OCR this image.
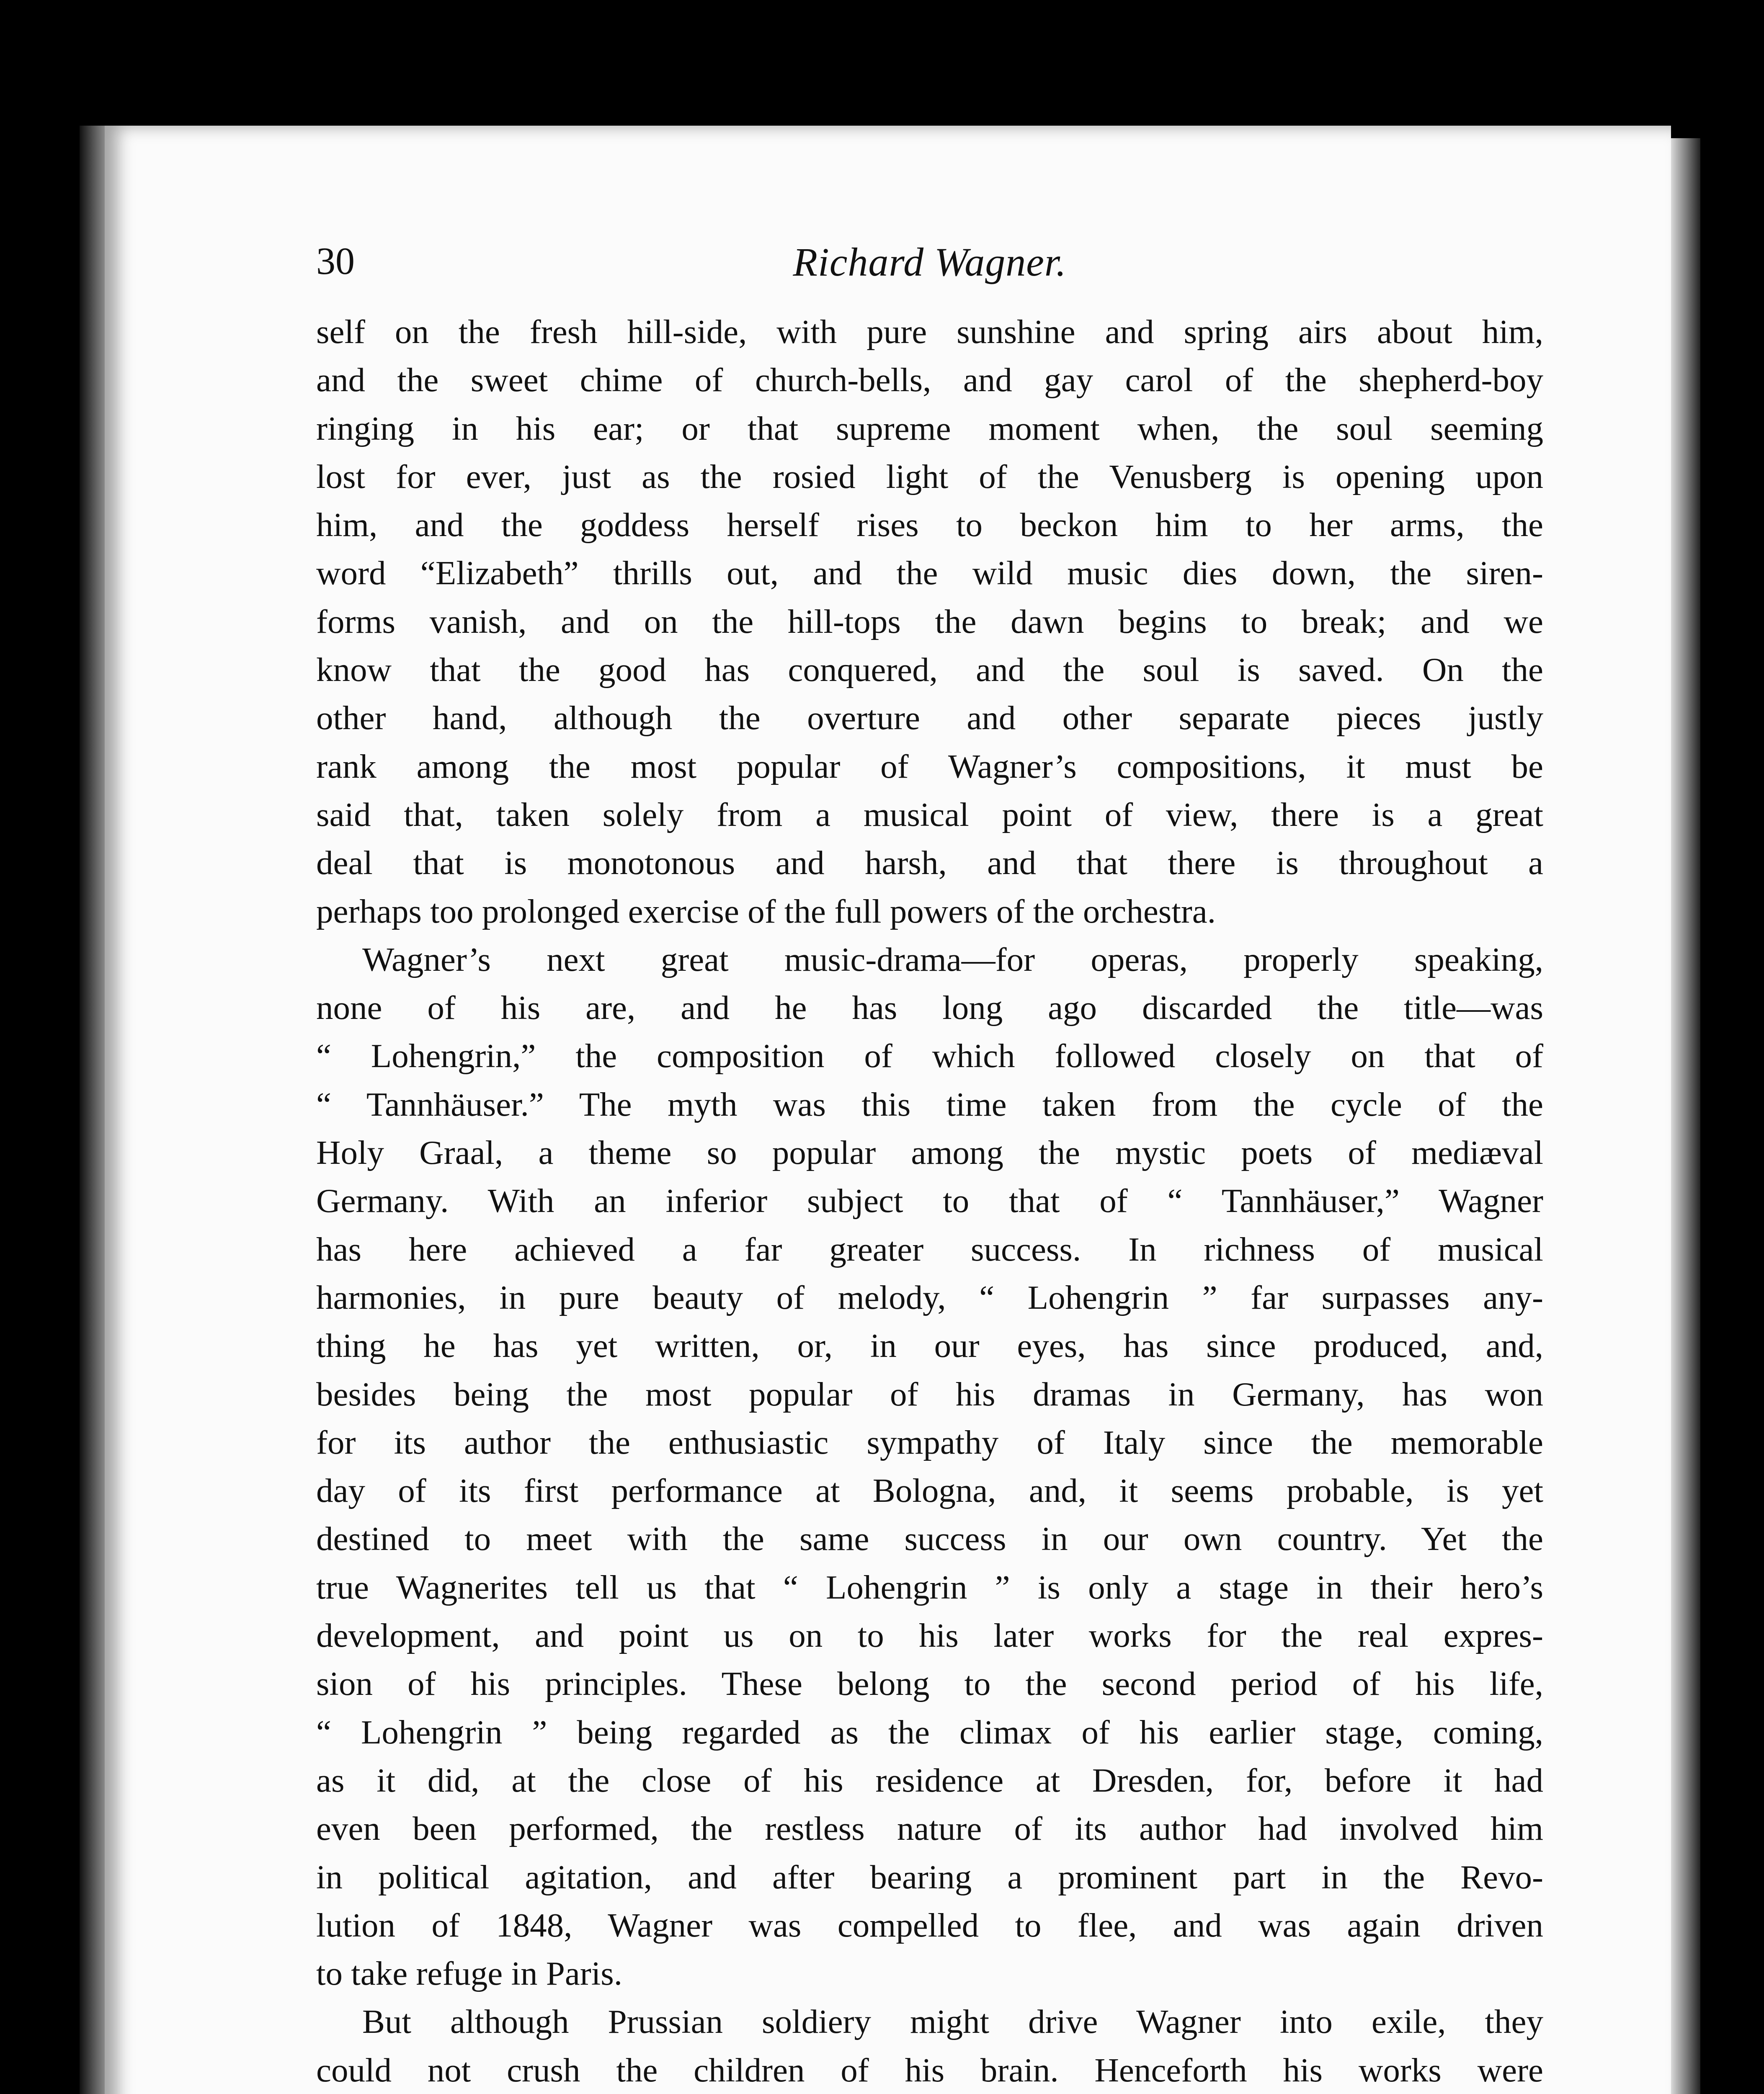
30	Richard Wagner.

self on the fresh hill-side, with pure sunshine and spring airs about him,

and the sweet chime of church-bells, and gay carol of the shepherd-boy

ringing in his ear; or that supreme moment when, the soul seeming

lost for ever, just as the rosied light of the Venusberg is opening upon

him, and the goddess herself rises to beckon him to her arms, the

word “Elizabeth” thrills out, and the wild music dies down, the siren-

forms vanish, and on the hill-tops the dawn begins to break; and we

know that the good has conquered, and the soul is saved. On the

other hand, although the overture and other separate pieces justly

rank among the most popular of Wagner’s compositions, it must be

said that, taken solely from a musical point of view, there is a great

deal that is monotonous and harsh, and that there is throughout a

perhaps too prolonged exercise of the full powers of the orchestra.

Wagner’s next great music-drama—for operas, properly speaking,

none of his are, and he has long ago discarded the title—was

“ Lohengrin,” the composition of which followed closely on that of

“ Tannhäuser.” The myth was this time taken from the cycle of the

Holy Graal, a theme so popular among the mystic poets of mediæval

Germany. With an inferior subject to that of “ Tannhäuser,” Wagner

has here achieved a far greater success. In richness of musical

harmonies, in pure beauty of melody, “ Lohengrin ” far surpasses any-

thing he has yet written, or, in our eyes, has since produced, and,

besides being the most popular of his dramas in Germany, has won

for its author the enthusiastic sympathy of Italy since the memorable

day of its first performance at Bologna, and, it seems probable, is yet

destined to meet with the same success in our own country. Yet the

true Wagnerites tell us that “ Lohengrin ” is only a stage in their hero’s

development, and point us on to his later works for the real expres-

sion of his principles. These belong to the second period of his life,

“ Lohengrin ” being regarded as the climax of his earlier stage, coming,

as it did, at the close of his residence at Dresden, for, before it had

even been performed, the restless nature of its author had involved him

in political agitation, and after bearing a prominent part in the Revo-

lution of 1848, Wagner was compelled to flee, and was again driven

to take refuge in Paris.

But although Prussian soldiery might drive Wagner into exile, they

could not crush the children of his brain. Henceforth his works were
